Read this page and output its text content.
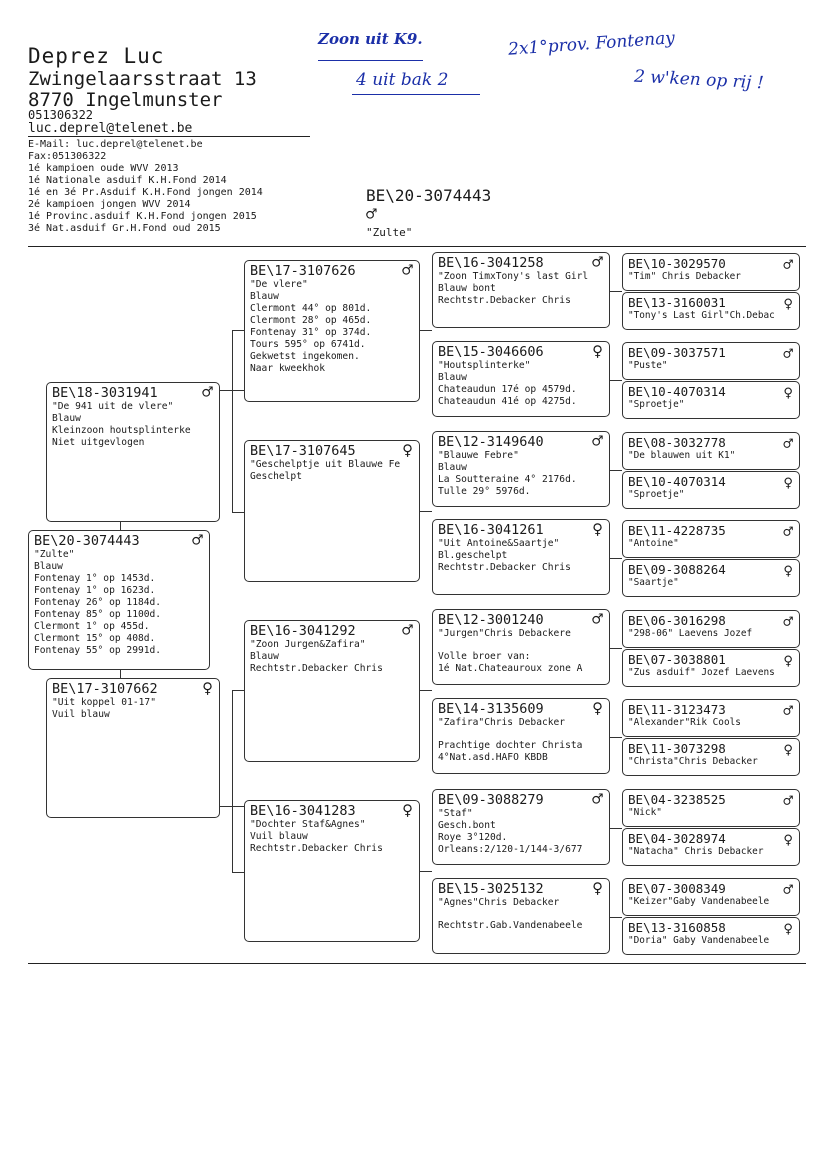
Deprez Luc
Zwingelaarsstraat 13
8770 Ingelmunster
051306322
luc.deprel@telenet.be
E-Mail: luc.deprel@telenet.be
Fax:051306322
1é kampioen oude WVV 2013
1é Nationale asduif K.H.Fond 2014
1é en 3é Pr.Asduif K.H.Fond jongen 2014
2é kampioen jongen WVV 2014
1é Provinc.asduif K.H.Fond jongen 2015
3é Nat.asduif Gr.H.Fond oud 2015
Zoon uit K9.
4 uit bak 2
2x1°prov. Fontenay
2 w'ken op rij !
BE\20-3074443
♂
"Zulte"
BE\20-3074443	♂
"Zulte"
Blauw
Fontenay 1° op 1453d.
Fontenay 1° op 1623d.
Fontenay 26° op 1184d.
Fontenay 85° op 1100d.
Clermont 1° op 455d.
Clermont 15° op 408d.
Fontenay 55° op 2991d.
BE\18-3031941	♂
"De 941 uit de vlere"
Blauw
Kleinzoon houtsplinterke
Niet uitgevlogen
BE\17-3107662	♀
"Uit koppel 01-17"
Vuil blauw
BE\17-3107626	♂
"De vlere"
Blauw
Clermont 44° op 801d.
Clermont 28° op 465d.
Fontenay 31° op 374d.
Tours 595° op 6741d.
Gekwetst ingekomen.
Naar kweekhok
BE\17-3107645	♀
"Geschelptje uit Blauwe Fe
Geschelpt
BE\16-3041292	♂
"Zoon Jurgen&Zafira"
Blauw
Rechtstr.Debacker Chris
BE\16-3041283	♀
"Dochter Staf&Agnes"
Vuil blauw
Rechtstr.Debacker Chris
BE\16-3041258	♂
"Zoon TimxTony's last Girl
Blauw bont
Rechtstr.Debacker Chris
BE\15-3046606	♀
"Houtsplinterke"
Blauw
Chateaudun 17é op 4579d.
Chateaudun 41é op 4275d.
BE\12-3149640	♂
"Blauwe Febre"
Blauw
La Soutteraine 4° 2176d.
Tulle 29° 5976d.
BE\16-3041261	♀
"Uit Antoine&Saartje"
Bl.geschelpt
Rechtstr.Debacker Chris
BE\12-3001240	♂
"Jurgen"Chris Debackere
Volle broer van:
1é Nat.Chateauroux zone A
BE\14-3135609	♀
"Zafira"Chris Debacker
Prachtige dochter Christa
4°Nat.asd.HAFO KBDB
BE\09-3088279	♂
"Staf"
Gesch.bont
Roye 3°120d.
Orleans:2/120-1/144-3/677
BE\15-3025132	♀
"Agnes"Chris Debacker
Rechtstr.Gab.Vandenabeele
BE\10-3029570	♂
"Tim" Chris Debacker
BE\13-3160031	♀
"Tony's Last Girl"Ch.Debac
BE\09-3037571	♂
"Puste"
BE\10-4070314	♀
"Sproetje"
BE\08-3032778	♂
"De blauwen uit K1"
BE\10-4070314	♀
"Sproetje"
BE\11-4228735	♂
"Antoine"
BE\09-3088264	♀
"Saartje"
BE\06-3016298	♂
"298-06" Laevens Jozef
BE\07-3038801	♀
"Zus asduif" Jozef Laevens
BE\11-3123473	♂
"Alexander"Rik Cools
BE\11-3073298	♀
"Christa"Chris Debacker
BE\04-3238525	♂
"Nick"
BE\04-3028974	♀
"Natacha" Chris Debacker
BE\07-3008349	♂
"Keizer"Gaby Vandenabeele
BE\13-3160858	♀
"Doria" Gaby Vandenabeele
